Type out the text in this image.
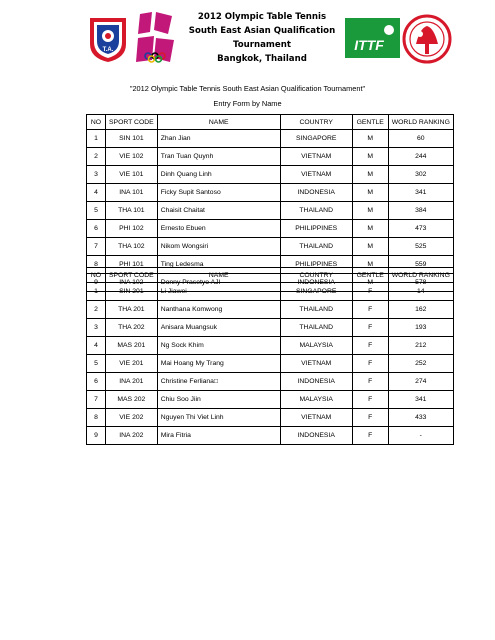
T.A.
2012 Olympic Table Tennis
South East Asian Qualification Tournament
Bangkok, Thailand
ITTF
"2012 Olympic Table Tennis South East Asian Qualification Tournament"
Entry Form by Name
NO	SPORT CODE	NAME	COUNTRY	GENTLE	WORLD RANKING
1	SIN 101	Zhan Jian	SINGAPORE	M	60
2	VIE 102	Tran Tuan Quynh	VIETNAM	M	244
3	VIE 101	Dinh Quang Linh	VIETNAM	M	302
4	INA 101	Ficky Supit Santoso	INDONESIA	M	341
5	THA 101	Chaisit Chaitat	THAILAND	M	384
6	PHI 102	Ernesto Ebuen	PHILIPPINES	M	473
7	THA 102	Nikom Wongsiri	THAILAND	M	525
8	PHI 101	Ting Ledesma	PHILIPPINES	M	559
9	INA 102	Donny Prasetyo AJI	INDONESIA	M	578
NO	SPORT CODE	NAME	COUNTRY	GENTLE	WORLD RANKING
1	SIN 201	Li Jiawei	SINGAPORE	F	14
2	THA 201	Nanthana Komwong	THAILAND	F	162
3	THA 202	Anisara Muangsuk	THAILAND	F	193
4	MAS 201	Ng Sock Khim	MALAYSIA	F	212
5	VIE 201	Mai Hoang My Trang	VIETNAM	F	252
6	INA 201	Christine Ferliana□	INDONESIA	F	274
7	MAS 202	Chiu Soo Jiin	MALAYSIA	F	341
8	VIE 202	Nguyen Thi Viet Linh	VIETNAM	F	433
9	INA 202	Mira Fitria	INDONESIA	F	-
